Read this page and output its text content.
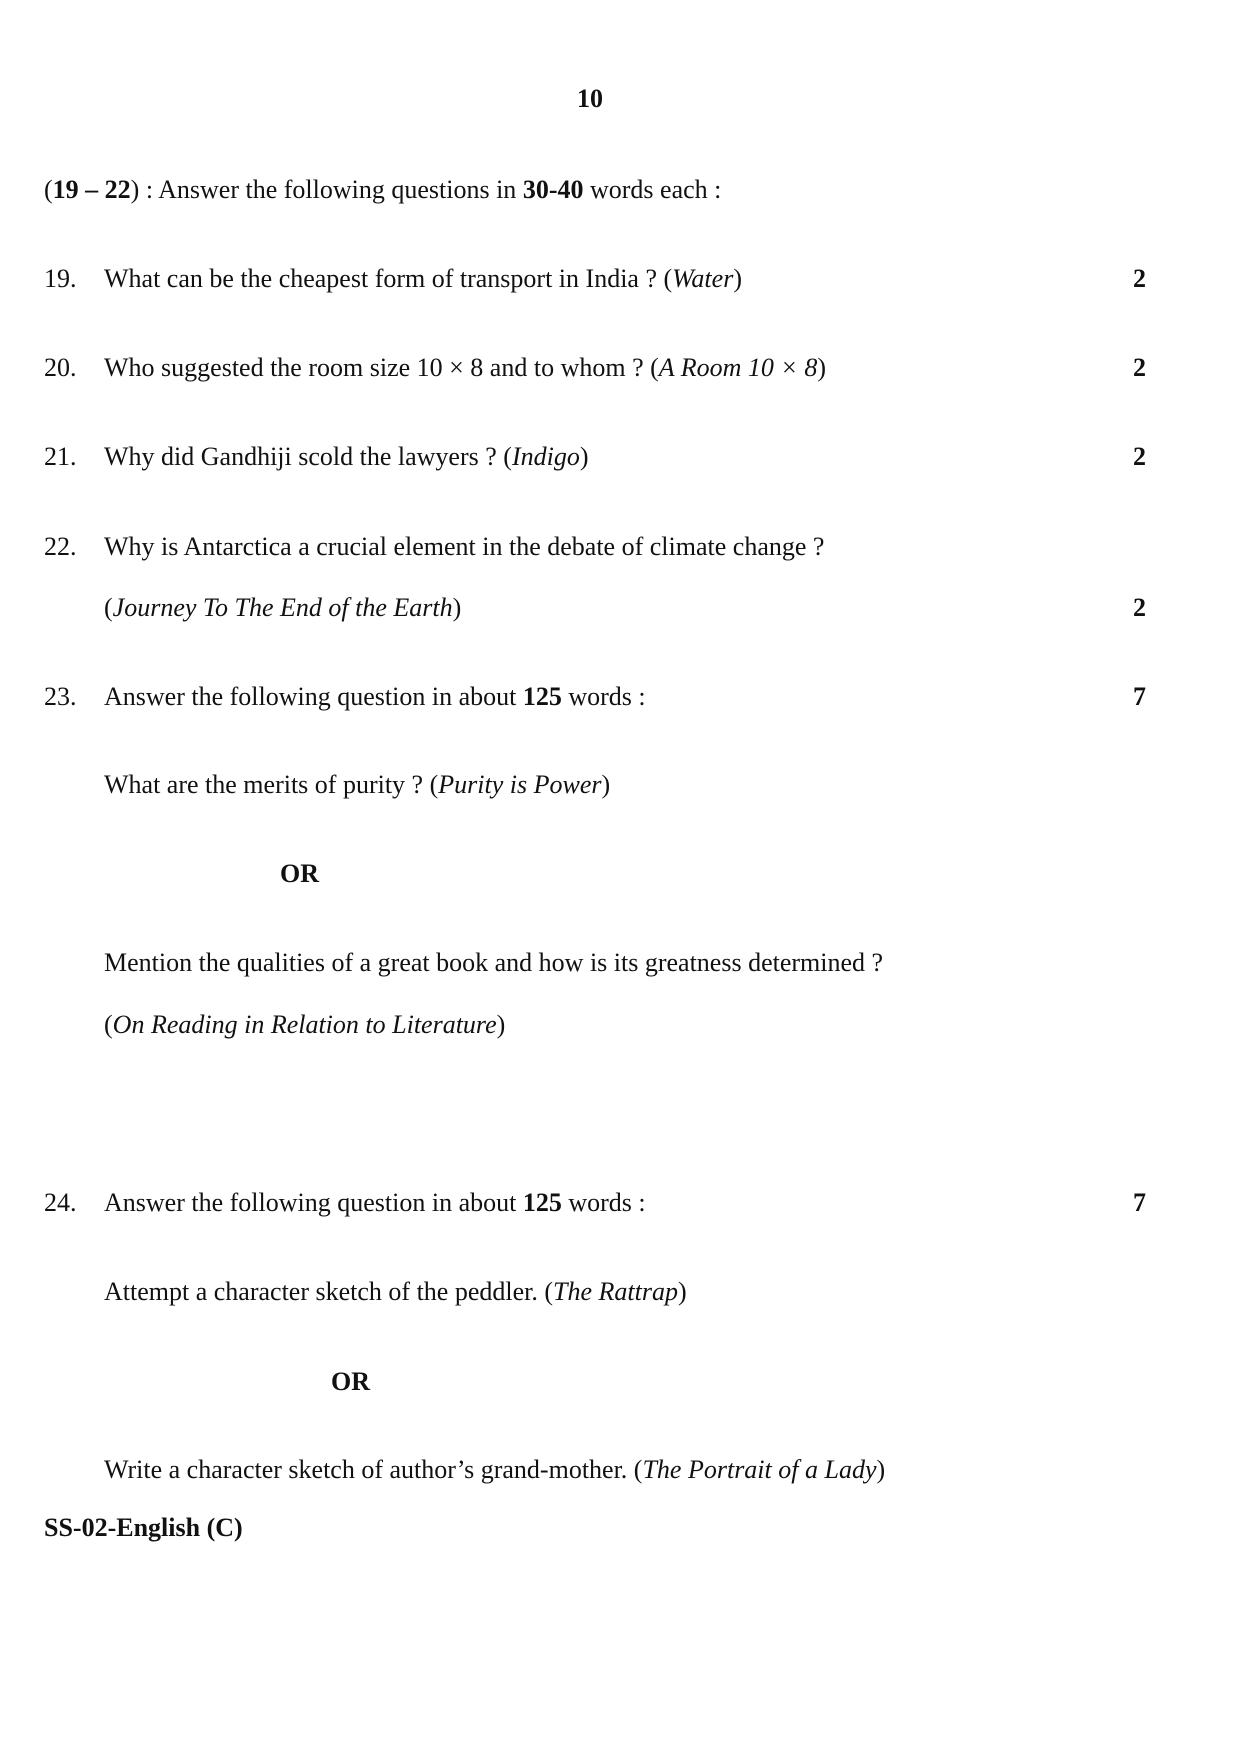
10
(19 – 22) : Answer the following questions in 30-40 words each :
19. What can be the cheapest form of transport in India ? (Water)	2
20. Who suggested the room size 10 × 8 and to whom ? (A Room 10 × 8)	2
21. Why did Gandhiji scold the lawyers ? (Indigo)	2
22. Why is Antarctica a crucial element in the debate of climate change ?
(Journey To The End of the Earth)	2
23. Answer the following question in about 125 words :	7
What are the merits of purity ? (Purity is Power)
OR
Mention the qualities of a great book and how is its greatness determined ?
(On Reading in Relation to Literature)
24. Answer the following question in about 125 words :	7
Attempt a character sketch of the peddler. (The Rattrap)
OR
Write a character sketch of author’s grand-mother. (The Portrait of a Lady)
SS-02-English (C)
